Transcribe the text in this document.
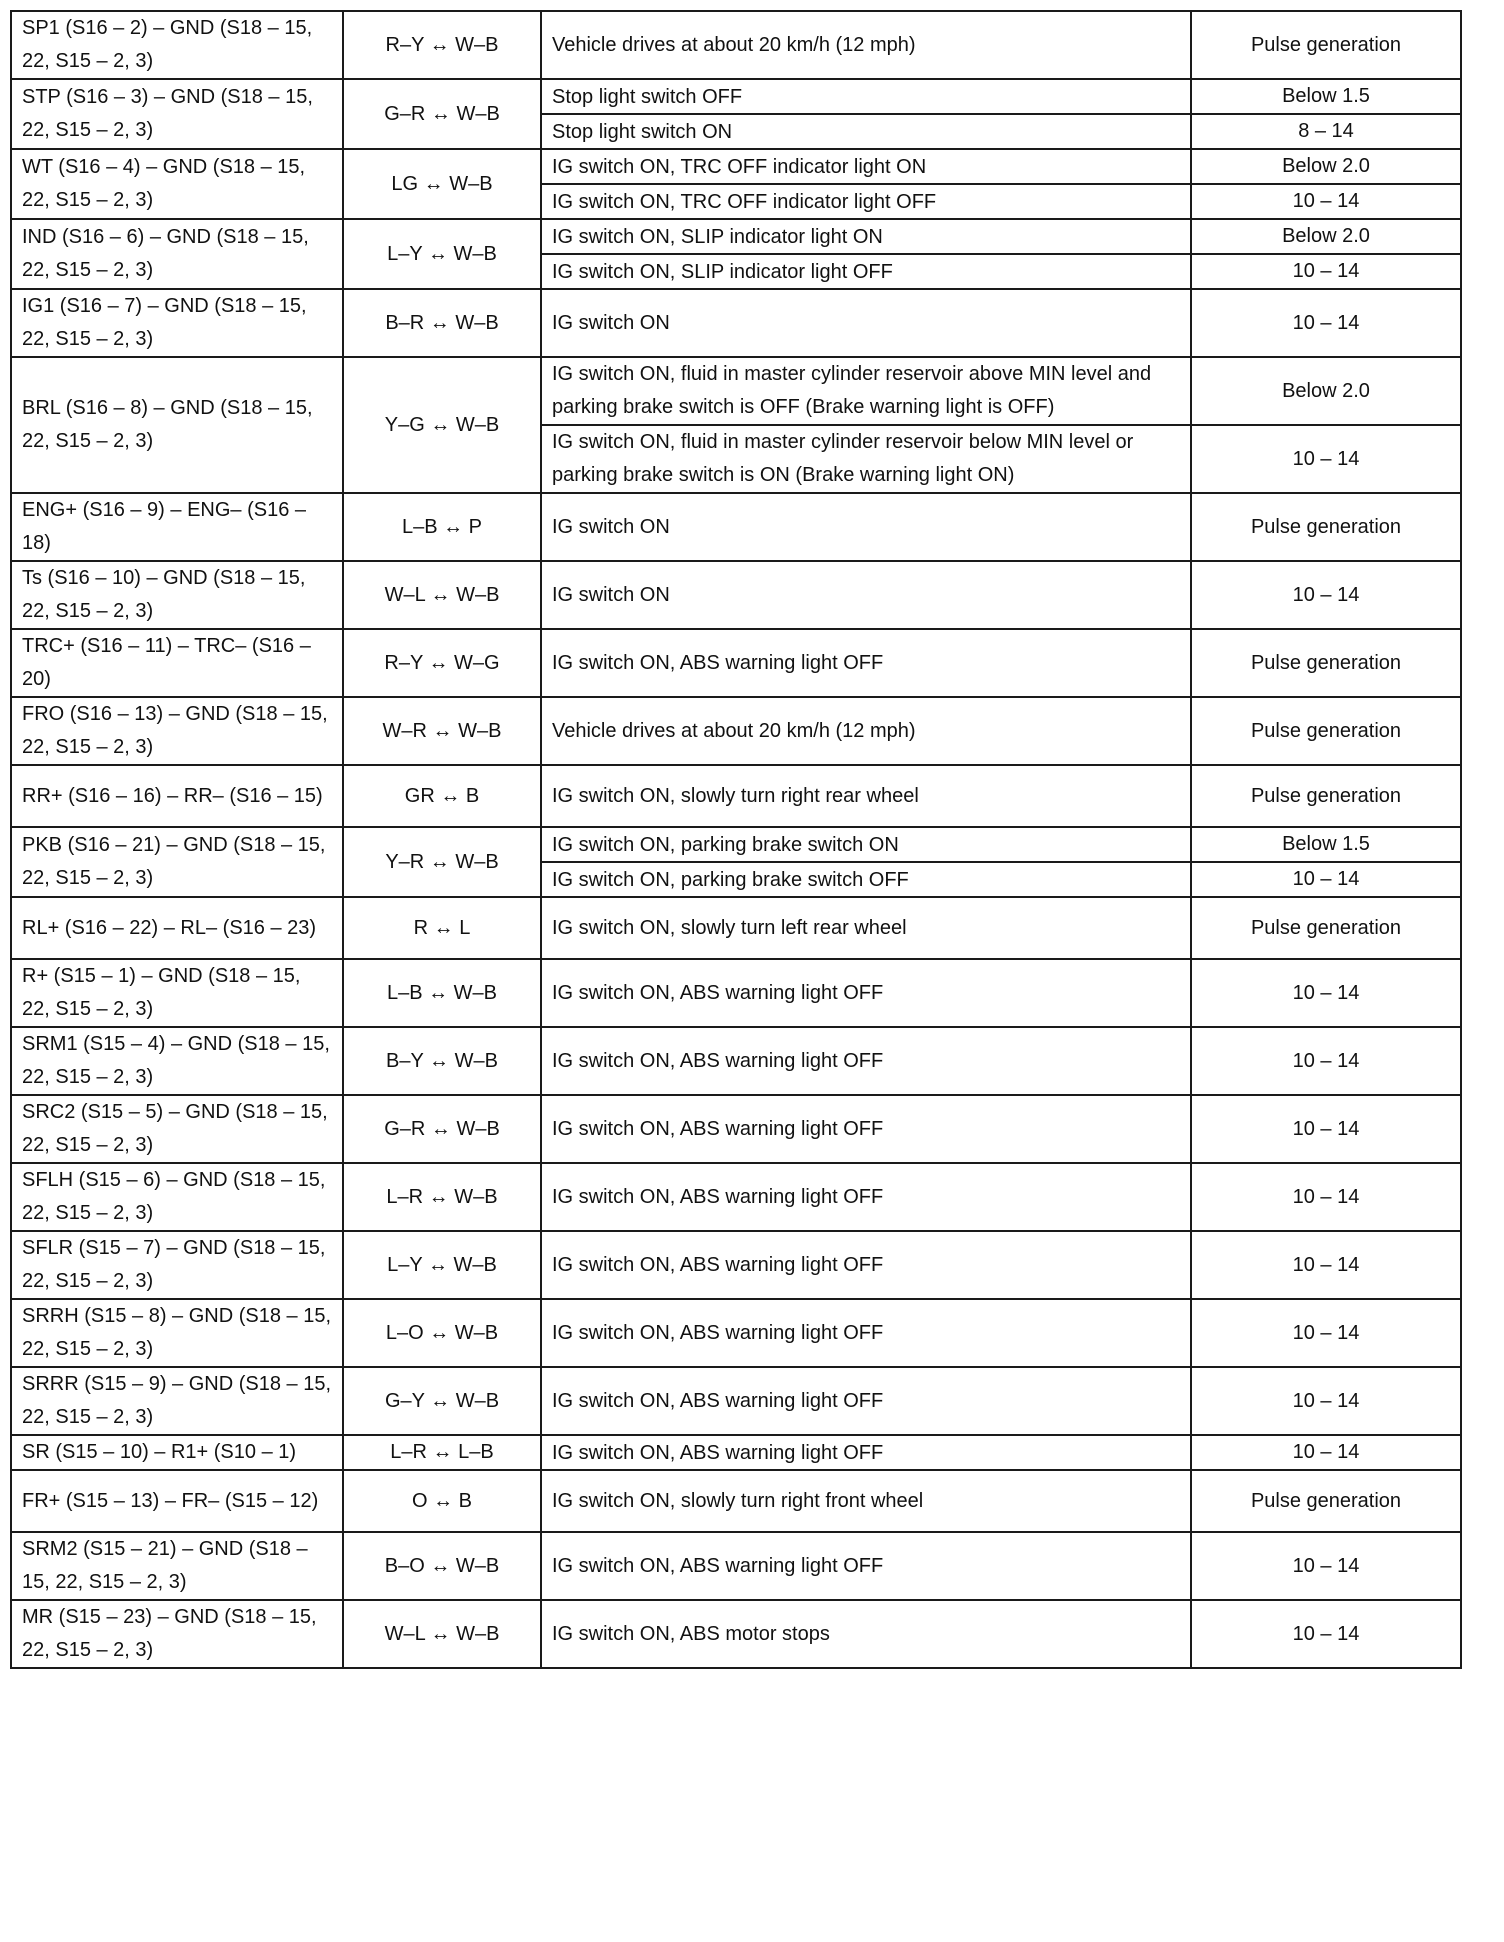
SP1 (S16 – 2) – GND (S18 – 15, 22, S15 – 2, 3)	R–Y ↔ W–B	Vehicle drives at about 20 km/h (12 mph)	Pulse generation
STP (S16 – 3) – GND (S18 – 15, 22, S15 – 2, 3)	G–R ↔ W–B	Stop light switch OFF	Below 1.5
		Stop light switch ON	8 – 14
WT (S16 – 4) – GND (S18 – 15, 22, S15 – 2, 3)	LG ↔ W–B	IG switch ON, TRC OFF indicator light ON	Below 2.0
		IG switch ON, TRC OFF indicator light OFF	10 – 14
IND (S16 – 6) – GND (S18 – 15, 22, S15 – 2, 3)	L–Y ↔ W–B	IG switch ON, SLIP indicator light ON	Below 2.0
		IG switch ON, SLIP indicator light OFF	10 – 14
IG1 (S16 – 7) – GND (S18 – 15, 22, S15 – 2, 3)	B–R ↔ W–B	IG switch ON	10 – 14
BRL (S16 – 8) – GND (S18 – 15, 22, S15 – 2, 3)	Y–G ↔ W–B	IG switch ON, fluid in master cylinder reservoir above MIN level and parking brake switch is OFF (Brake warning light is OFF)	Below 2.0
		IG switch ON, fluid in master cylinder reservoir below MIN level or parking brake switch is ON (Brake warning light ON)	10 – 14
ENG+ (S16 – 9) – ENG– (S16 – 18)	L–B ↔ P	IG switch ON	Pulse generation
Ts (S16 – 10) – GND (S18 – 15, 22, S15 – 2, 3)	W–L ↔ W–B	IG switch ON	10 – 14
TRC+ (S16 – 11) – TRC– (S16 – 20)	R–Y ↔ W–G	IG switch ON, ABS warning light OFF	Pulse generation
FRO (S16 – 13) – GND (S18 – 15, 22, S15 – 2, 3)	W–R ↔ W–B	Vehicle drives at about 20 km/h (12 mph)	Pulse generation
RR+ (S16 – 16) – RR– (S16 – 15)	GR ↔ B	IG switch ON, slowly turn right rear wheel	Pulse generation
PKB (S16 – 21) – GND (S18 – 15, 22, S15 – 2, 3)	Y–R ↔ W–B	IG switch ON, parking brake switch ON	Below 1.5
		IG switch ON, parking brake switch OFF	10 – 14
RL+ (S16 – 22) – RL– (S16 – 23)	R ↔ L	IG switch ON, slowly turn left rear wheel	Pulse generation
R+ (S15 – 1) – GND (S18 – 15, 22, S15 – 2, 3)	L–B ↔ W–B	IG switch ON, ABS warning light OFF	10 – 14
SRM1 (S15 – 4) – GND (S18 – 15, 22, S15 – 2, 3)	B–Y ↔ W–B	IG switch ON, ABS warning light OFF	10 – 14
SRC2 (S15 – 5) – GND (S18 – 15, 22, S15 – 2, 3)	G–R ↔ W–B	IG switch ON, ABS warning light OFF	10 – 14
SFLH (S15 – 6) – GND (S18 – 15, 22, S15 – 2, 3)	L–R ↔ W–B	IG switch ON, ABS warning light OFF	10 – 14
SFLR (S15 – 7) – GND (S18 – 15, 22, S15 – 2, 3)	L–Y ↔ W–B	IG switch ON, ABS warning light OFF	10 – 14
SRRH (S15 – 8) – GND (S18 – 15, 22, S15 – 2, 3)	L–O ↔ W–B	IG switch ON, ABS warning light OFF	10 – 14
SRRR (S15 – 9) – GND (S18 – 15, 22, S15 – 2, 3)	G–Y ↔ W–B	IG switch ON, ABS warning light OFF	10 – 14
SR (S15 – 10) – R1+ (S10 – 1)	L–R ↔ L–B	IG switch ON, ABS warning light OFF	10 – 14
FR+ (S15 – 13) – FR– (S15 – 12)	O ↔ B	IG switch ON, slowly turn right front wheel	Pulse generation
SRM2 (S15 – 21) – GND (S18 – 15, 22, S15 – 2, 3)	B–O ↔ W–B	IG switch ON, ABS warning light OFF	10 – 14
MR (S15 – 23) – GND (S18 – 15, 22, S15 – 2, 3)	W–L ↔ W–B	IG switch ON, ABS motor stops	10 – 14
